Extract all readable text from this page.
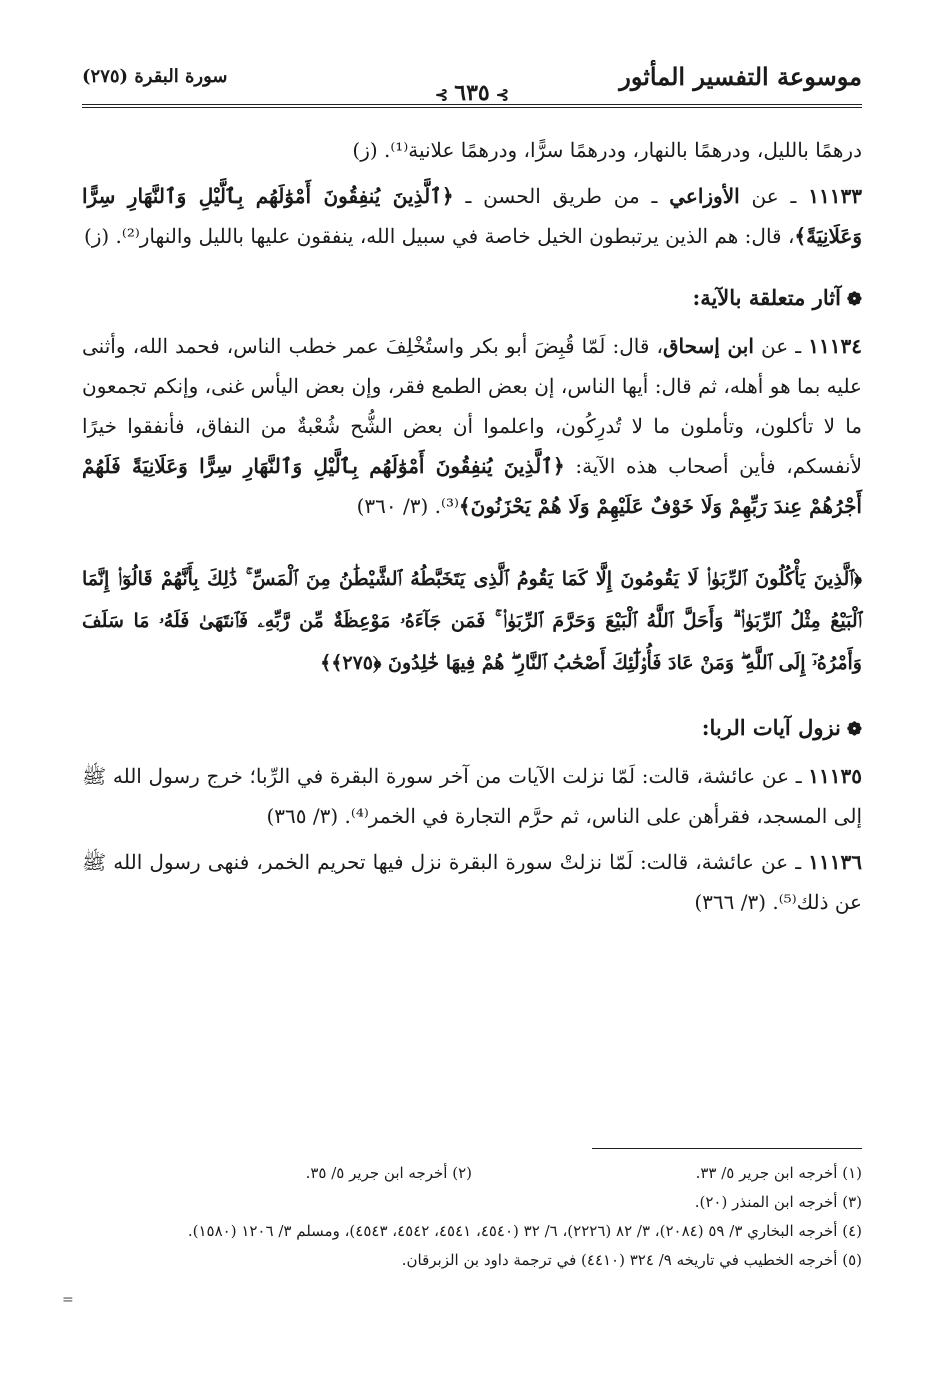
موسوعة التفسير المأثور
⊰ ٦٣٥ ⊰
سورة البقرة (٢٧٥)

درهمًا بالليل، ودرهمًا بالنهار، ودرهمًا سرًّا، ودرهمًا علانية⁽¹⁾. (ز)

١١١٣٣ ـ عن الأوزاعي ـ من طريق الحسن ـ ﴿ٱلَّذِينَ يُنفِقُونَ أَمْوَٰلَهُم بِٱلَّيْلِ وَٱلنَّهَارِ سِرًّا وَعَلَانِيَةً﴾، قال: هم الذين يرتبطون الخيل خاصة في سبيل الله، ينفقون عليها بالليل والنهار⁽²⁾. (ز)

❁آثار متعلقة بالآية:

١١١٣٤ ـ عن ابن إسحاق، قال: لَمّا قُبِضَ أبو بكر واستُخْلِفَ عمر خطب الناس، فحمد الله، وأثنى عليه بما هو أهله، ثم قال: أيها الناس، إن بعض الطمع فقر، وإن بعض اليأس غنى، وإنكم تجمعون ما لا تأكلون، وتأملون ما لا تُدرِكُون، واعلموا أن بعض الشُّح شُعْبةٌ من النفاق، فأنفقوا خيرًا لأنفسكم، فأين أصحاب هذه الآية: ﴿ٱلَّذِينَ يُنفِقُونَ أَمْوَٰلَهُم بِٱلَّيْلِ وَٱلنَّهَارِ سِرًّا وَعَلَانِيَةً فَلَهُمْ أَجْرُهُمْ عِندَ رَبِّهِمْ وَلَا خَوْفٌ عَلَيْهِمْ وَلَا هُمْ يَحْزَنُونَ﴾⁽³⁾. (٣/ ٣٦٠)

﴿ٱلَّذِينَ يَأْكُلُونَ ٱلرِّبَوٰا۟ لَا يَقُومُونَ إِلَّا كَمَا يَقُومُ ٱلَّذِى يَتَخَبَّطُهُ ٱلشَّيْطَٰنُ مِنَ ٱلْمَسِّ ۚ ذَٰلِكَ بِأَنَّهُمْ قَالُوٓا۟ إِنَّمَا ٱلْبَيْعُ مِثْلُ ٱلرِّبَوٰا۟ ۗ وَأَحَلَّ ٱللَّهُ ٱلْبَيْعَ وَحَرَّمَ ٱلرِّبَوٰا۟ ۚ فَمَن جَآءَهُۥ مَوْعِظَةٌ مِّن رَّبِّهِۦ فَٱنتَهَىٰ فَلَهُۥ مَا سَلَفَ وَأَمْرُهُۥٓ إِلَى ٱللَّهِ ۖ وَمَنْ عَادَ فَأُو۟لَٰٓئِكَ أَصْحَٰبُ ٱلنَّارِ ۖ هُمْ فِيهَا خَٰلِدُونَ ﴿٢٧٥﴾﴾
❁نزول آيات الربا:

١١١٣٥ ـ عن عائشة، قالت: لَمّا نزلت الآيات من آخر سورة البقرة في الرِّبا؛ خرج رسول الله ﷺ إلى المسجد، فقرأهن على الناس، ثم حرَّم التجارة في الخمر⁽⁴⁾. (٣/ ٣٦٥)

١١١٣٦ ـ عن عائشة، قالت: لَمّا نزلتْ سورة البقرة نزل فيها تحريم الخمر، فنهى رسول الله ﷺ عن ذلك⁽⁵⁾. (٣/ ٣٦٦)

(١) أخرجه ابن جرير ٥/ ٣٣.
(٢) أخرجه ابن جرير ٥/ ٣٥.
(٣) أخرجه ابن المنذر (٢٠).
(٤) أخرجه البخاري ٣/ ٥٩ (٢٠٨٤)، ٣/ ٨٢ (٢٢٢٦)، ٦/ ٣٢ (٤٥٤٠، ٤٥٤١، ٤٥٤٢، ٤٥٤٣)، ومسلم ٣/ ١٢٠٦ (١٥٨٠).
(٥) أخرجه الخطيب في تاريخه ٩/ ٣٢٤ (٤٤١٠) في ترجمة داود بن الزبرقان.
=
